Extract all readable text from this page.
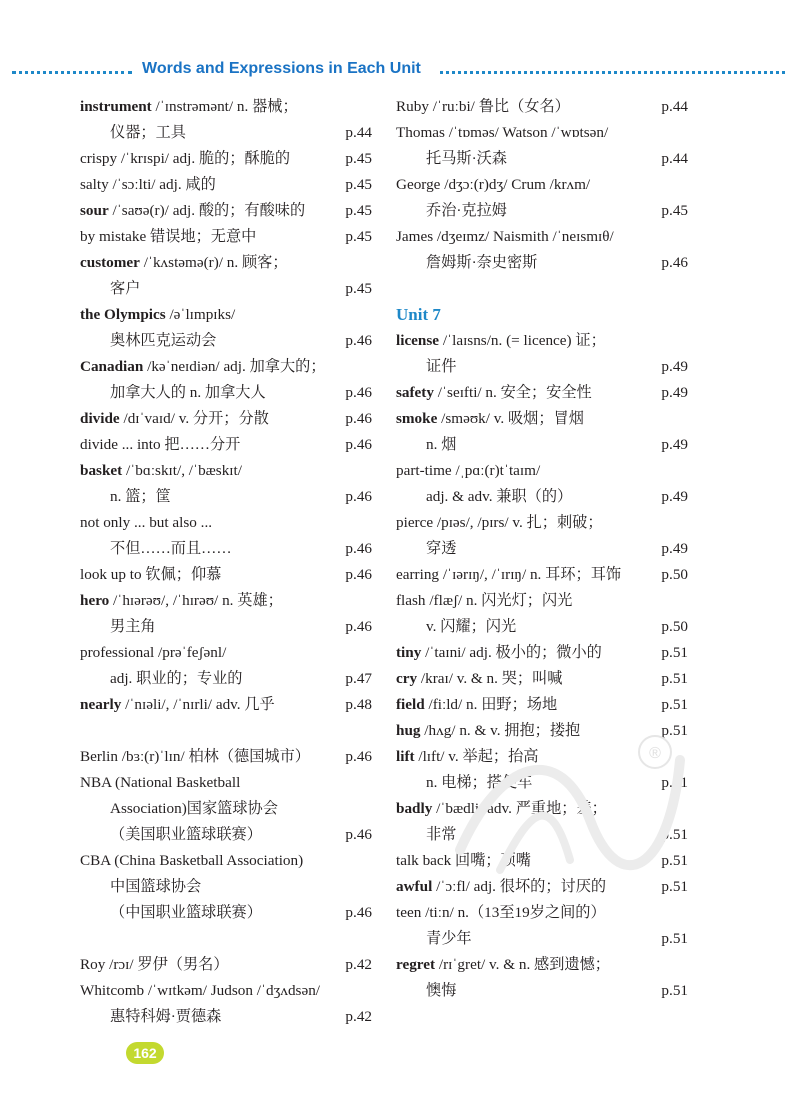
Words and Expressions in Each Unit
instrument /ˈɪnstrəmənt/ n. 器械；
仪器；工具	p.44
crispy /ˈkrɪspi/ adj. 脆的；酥脆的	p.45
salty /ˈsɔːlti/ adj. 咸的	p.45
sour /ˈsaʊə(r)/ adj. 酸的；有酸味的	p.45
by mistake 错误地；无意中	p.45
customer /ˈkʌstəmə(r)/ n. 顾客；
客户	p.45
the Olympics /əˈlɪmpɪks/
奥林匹克运动会	p.46
Canadian /kəˈneɪdiən/ adj. 加拿大的；
加拿大人的 n. 加拿大人	p.46
divide /dɪˈvaɪd/ v. 分开；分散	p.46
divide ... into 把……分开	p.46
basket /ˈbɑːskɪt/, /ˈbæskɪt/
n. 篮；筐	p.46
not only ... but also ...
不但……而且……	p.46
look up to 钦佩；仰慕	p.46
hero /ˈhɪərəʊ/, /ˈhɪrəʊ/ n. 英雄；
男主角	p.46
professional /prəˈfeʃənl/
adj. 职业的；专业的	p.47
nearly /ˈnɪəli/, /ˈnɪrli/ adv. 几乎	p.48
Berlin /bɜː(r)ˈlɪn/ 柏林（德国城市） p.46
NBA (National Basketball
Association)国家篮球协会
（美国职业篮球联赛）	p.46
CBA (China Basketball Association)
中国篮球协会
（中国职业篮球联赛）	p.46
Roy /rɔɪ/ 罗伊（男名）	p.42
Whitcomb /ˈwɪtkəm/ Judson /ˈdʒʌdsən/
惠特科姆·贾德森	p.42
Ruby /ˈruːbi/ 鲁比（女名）	p.44
Thomas /ˈtɒməs/ Watson /ˈwɒtsən/
托马斯·沃森	p.44
George /dʒɔː(r)dʒ/ Crum /krʌm/
乔治·克拉姆	p.45
James /dʒeɪmz/ Naismith /ˈneɪsmɪθ/
詹姆斯·奈史密斯	p.46
Unit 7
license /ˈlaɪsns/n. (= licence) 证；
证件	p.49
safety /ˈseɪfti/ n. 安全；安全性	p.49
smoke /sməʊk/ v. 吸烟；冒烟
n. 烟	p.49
part-time /ˌpɑː(r)tˈtaɪm/
adj. & adv. 兼职（的）	p.49
pierce /pɪəs/, /pɪrs/ v. 扎；刺破；
穿透	p.49
earring /ˈɪərɪŋ/, /ˈɪrɪŋ/ n. 耳环；耳饰	p.50
flash /flæʃ/ n. 闪光灯；闪光
v. 闪耀；闪光	p.50
tiny /ˈtaɪni/ adj. 极小的；微小的	p.51
cry /kraɪ/ v. & n. 哭；叫喊	p.51
field /fiːld/ n. 田野；场地	p.51
hug /hʌg/ n. & v. 拥抱；搂抱	p.51
lift /lɪft/ v. 举起；抬高
n. 电梯；搭便车	p.51
badly /ˈbædli/ adv. 严重地；差；
非常	p.51
talk back 回嘴；顶嘴	p.51
awful /ˈɔːfl/ adj. 很坏的；讨厌的	p.51
teen /tiːn/ n.（13至19岁之间的）
青少年	p.51
regret /rɪˈgret/ v. & n. 感到遗憾；
懊悔	p.51
®
162
